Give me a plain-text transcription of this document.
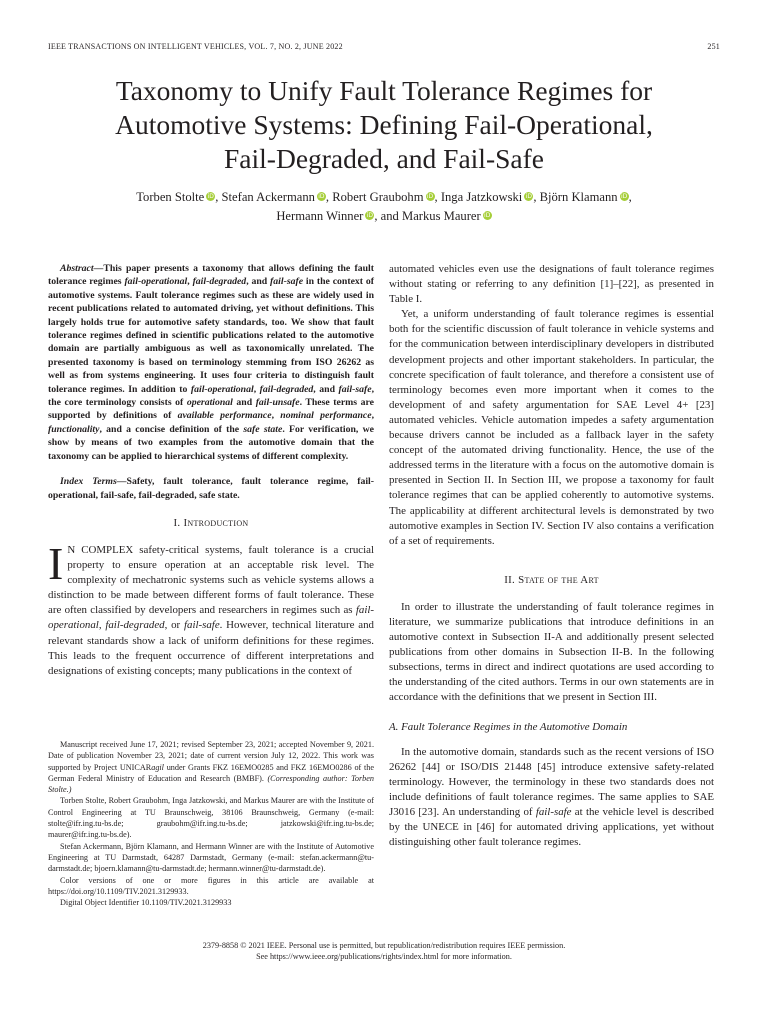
IEEE TRANSACTIONS ON INTELLIGENT VEHICLES, VOL. 7, NO. 2, JUNE 2022	251
Taxonomy to Unify Fault Tolerance Regimes for
Automotive Systems: Defining Fail-Operational,
Fail-Degraded, and Fail-Safe
Torben Stolte iD, Stefan Ackermann iD, Robert Graubohm iD, Inga Jatzkowski iD, Björn Klamann iD,
Hermann Winner iD, and Markus Maurer iD

Abstract—This paper presents a taxonomy that allows defining the fault tolerance regimes fail-operational, fail-degraded, and fail-safe in the context of automotive systems. Fault tolerance regimes such as these are widely used in recent publications related to automated driving, yet without definitions. This largely holds true for automotive safety standards, too. We show that fault tolerance regimes defined in scientific publications related to the automotive domain are partially ambiguous as well as taxonomically unrelated. The presented taxonomy is based on terminology stemming from ISO 26262 as well as from systems engineering. It uses four criteria to distinguish fault tolerance regimes. In addition to fail-operational, fail-degraded, and fail-safe, the core terminology consists of operational and fail-unsafe. These terms are supported by definitions of available performance, nominal performance, functionality, and a concise definition of the safe state. For verification, we show by means of two examples from the automotive domain that the taxonomy can be applied to hierarchical systems of different complexity.

Index Terms—Safety, fault tolerance, fault tolerance regime, fail-operational, fail-safe, fail-degraded, safe state.

I. Introduction

I N COMPLEX safety-critical systems, fault tolerance is a crucial property to ensure operation at an acceptable risk level. The complexity of mechatronic systems such as vehicle systems allows a distinction to be made between different forms of fault tolerance. These are often classified by developers and researchers in regimes such as fail-operational, fail-degraded, or fail-safe. However, technical literature and relevant standards show a lack of uniform definitions for these regimes. This leads to the frequent occurrence of different interpretations and designations of existing concepts; many publications in the context of

Manuscript received June 17, 2021; revised September 23, 2021; accepted November 9, 2021. Date of publication November 23, 2021; date of current version July 12, 2022. This work was supported by Project UNICARagil under Grants FKZ 16EMO0285 and FKZ 16EMO0286 of the German Federal Ministry of Education and Research (BMBF). (Corresponding author: Torben Stolte.)

Torben Stolte, Robert Graubohm, Inga Jatzkowski, and Markus Maurer are with the Institute of Control Engineering at TU Braunschweig, 38106 Braunschweig, Germany (e-mail: stolte@ifr.ing.tu-bs.de; graubohm@ifr.ing.tu-bs.de; jatzkowski@ifr.ing.tu-bs.de; maurer@ifr.ing.tu-bs.de).

Stefan Ackermann, Björn Klamann, and Hermann Winner are with the Institute of Automotive Engineering at TU Darmstadt, 64287 Darmstadt, Germany (e-mail: stefan.ackermann@tu-darmstadt.de; bjoern.klamann@tu-darmstadt.de; hermann.winner@tu-darmstadt.de).

Color versions of one or more figures in this article are available at https://doi.org/10.1109/TIV.2021.3129933.

Digital Object Identifier 10.1109/TIV.2021.3129933

automated vehicles even use the designations of fault tolerance regimes without stating or referring to any definition [1]–[22], as presented in Table I.

Yet, a uniform understanding of fault tolerance regimes is essential both for the scientific discussion of fault tolerance in vehicle systems and for the communication between interdisciplinary developers in distributed development projects and other important stakeholders. In particular, the concrete specification of fault tolerance, and therefore a consistent use of terminology becomes even more important when it comes to the development of and safety argumentation for SAE Level 4+ [23] automated vehicles. Vehicle automation impedes a safety argumentation because drivers cannot be included as a fallback layer in the safety concept of the automated driving functionality. Hence, the use of the addressed terms in the literature with a focus on the automotive domain is presented in Section II. In Section III, we propose a taxonomy for fault tolerance regimes that can be applied coherently to automotive systems. The applicability at different architectural levels is demonstrated by two automotive examples in Section IV. Section IV also contains a verification of a set of requirements.

II. State of the Art

In order to illustrate the understanding of fault tolerance regimes in literature, we summarize publications that introduce definitions in an automotive context in Subsection II-A and additionally present selected publications from other domains in Subsection II-B. In the following subsections, terms in direct and indirect quotations are used according to the understanding of the cited authors. Terms in our own statements are in accordance with the definitions that we present in Section III.

A. Fault Tolerance Regimes in the Automotive Domain

In the automotive domain, standards such as the recent versions of ISO 26262 [44] or ISO/DIS 21448 [45] introduce extensive safety-related terminology. However, the terminology in these two standards does not include definitions of fault tolerance regimes. The same applies to SAE J3016 [23]. An understanding of fail-safe at the vehicle level is described by the UNECE in [46] for automated driving applications, yet without distinguishing other fault tolerance regimes.

2379-8858 © 2021 IEEE. Personal use is permitted, but republication/redistribution requires IEEE permission.
See https://www.ieee.org/publications/rights/index.html for more information.
